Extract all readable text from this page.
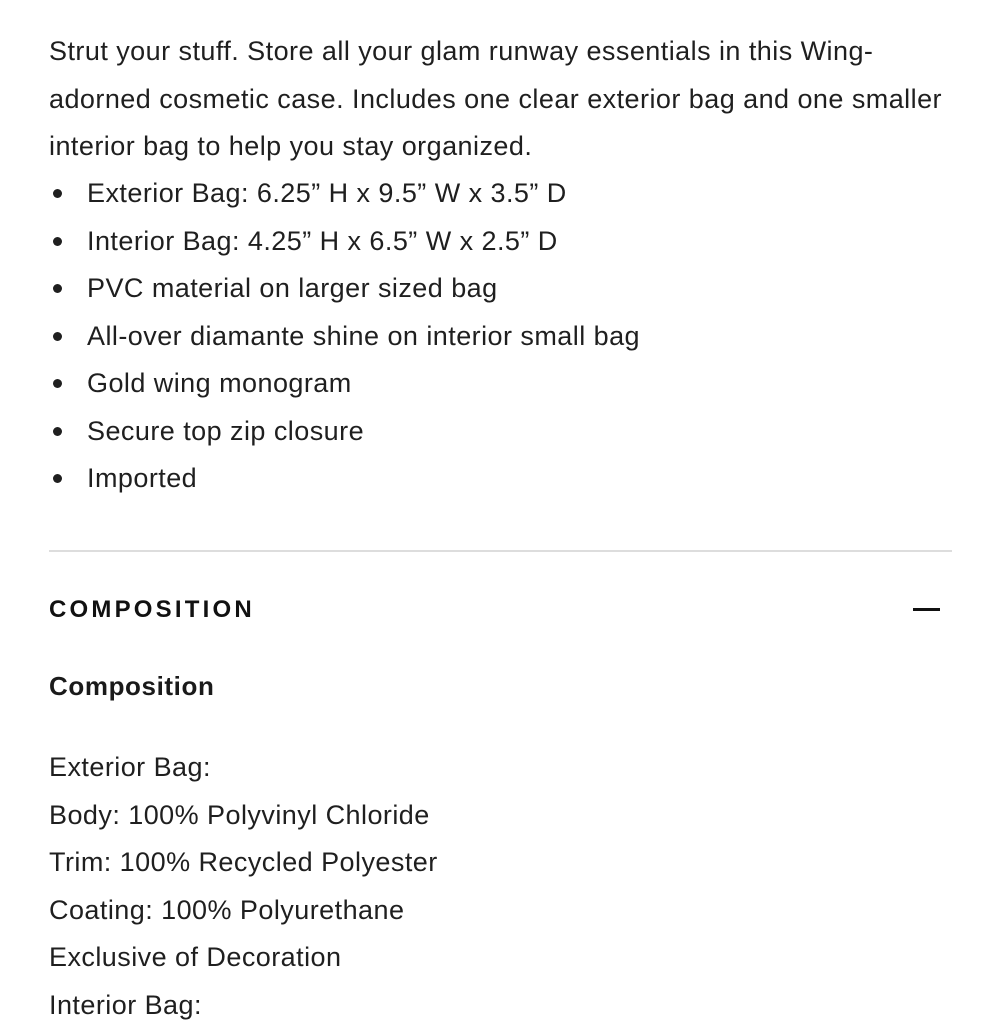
Strut your stuff. Store all your glam runway essentials in this Wing-adorned cosmetic case. Includes one clear exterior bag and one smaller interior bag to help you stay organized.

Exterior Bag: 6.25” H x 9.5” W x 3.5” D
Interior Bag: 4.25” H x 6.5” W x 2.5” D
PVC material on larger sized bag
All-over diamante shine on interior small bag
Gold wing monogram
Secure top zip closure
Imported
COMPOSITION
Composition
Exterior Bag:
Body: 100% Polyvinyl Chloride
Trim: 100% Recycled Polyester
Coating: 100% Polyurethane
Exclusive of Decoration
Interior Bag:
